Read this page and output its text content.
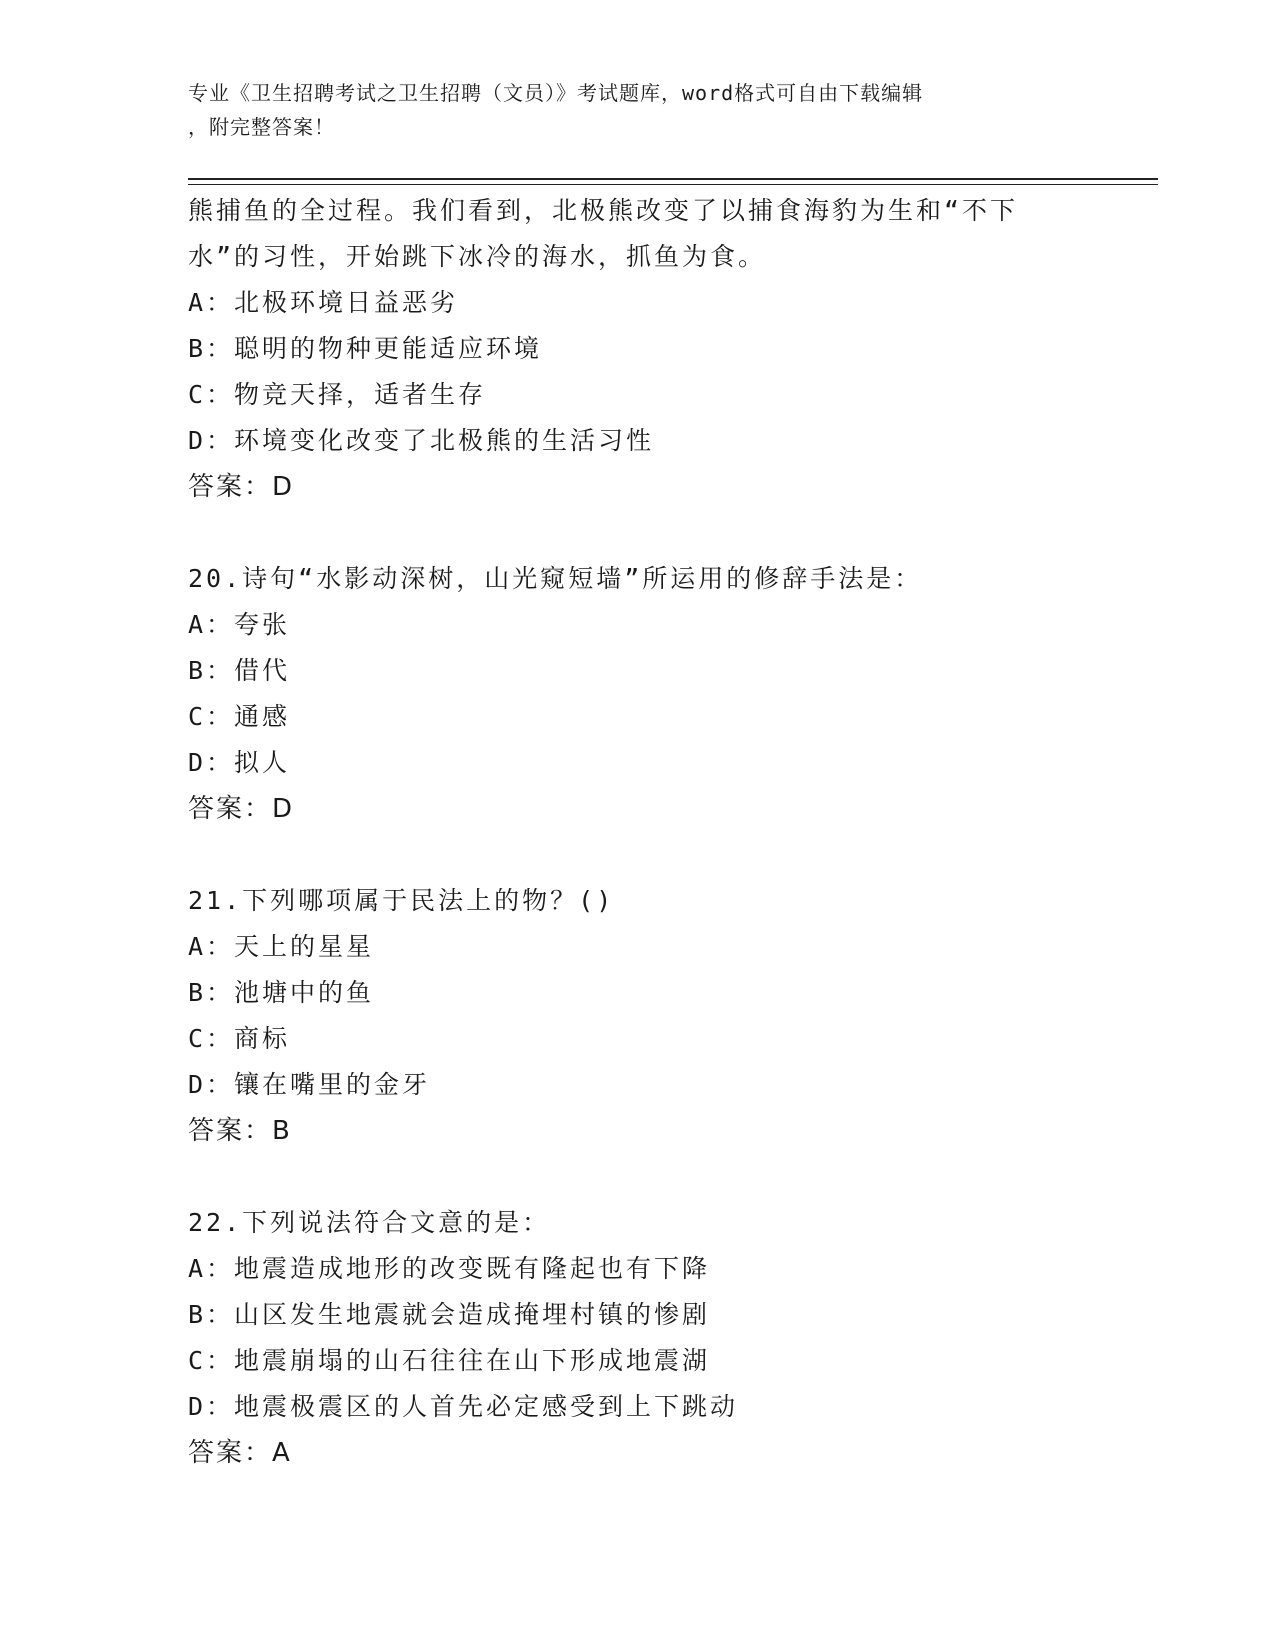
专业《卫生招聘考试之卫生招聘（文员）》考试题库，word格式可自由下载编辑
，附完整答案！
熊捕鱼的全过程。我们看到，北极熊改变了以捕食海豹为生和“不下
水”的习性，开始跳下冰冷的海水，抓鱼为食。
A：北极环境日益恶劣
B：聪明的物种更能适应环境
C：物竞天择，适者生存
D：环境变化改变了北极熊的生活习性
答案：D
20.诗句“水影动深树，山光窥短墙”所运用的修辞手法是：
A：夸张
B：借代
C：通感
D：拟人
答案：D
21.下列哪项属于民法上的物？()
A：天上的星星
B：池塘中的鱼
C：商标
D：镶在嘴里的金牙
答案：B
22.下列说法符合文意的是：
A：地震造成地形的改变既有隆起也有下降
B：山区发生地震就会造成掩埋村镇的惨剧
C：地震崩塌的山石往往在山下形成地震湖
D：地震极震区的人首先必定感受到上下跳动
答案：A
